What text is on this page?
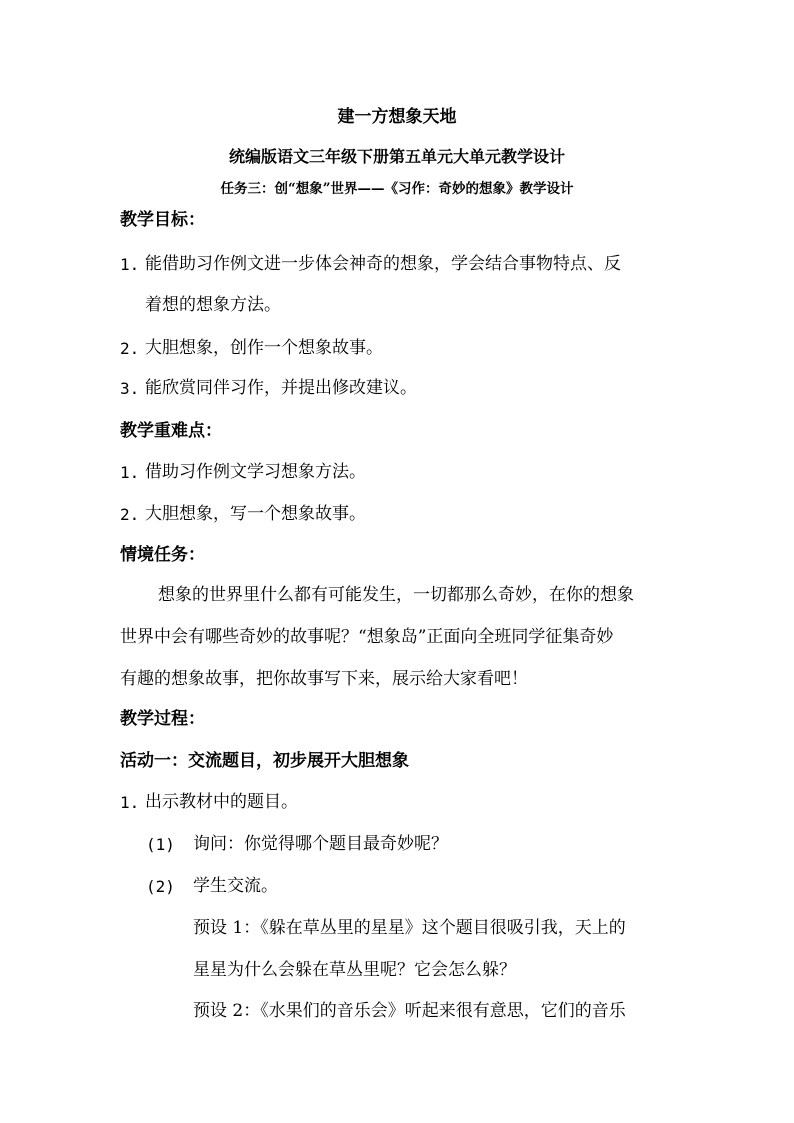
建一方想象天地
统编版语文三年级下册第五单元大单元教学设计
任务三：创“想象”世界——《习作：奇妙的想象》教学设计
教学目标：
1. 能借助习作例文进一步体会神奇的想象，学会结合事物特点、反
着想的想象方法。
2. 大胆想象，创作一个想象故事。
3. 能欣赏同伴习作，并提出修改建议。
教学重难点：
1. 借助习作例文学习想象方法。
2. 大胆想象，写一个想象故事。
情境任务：
想象的世界里什么都有可能发生，一切都那么奇妙，在你的想象
世界中会有哪些奇妙的故事呢？“想象岛”正面向全班同学征集奇妙
有趣的想象故事，把你故事写下来，展示给大家看吧！
教学过程：
活动一：交流题目，初步展开大胆想象
1. 出示教材中的题目。
(1) 询问：你觉得哪个题目最奇妙呢？
(2) 学生交流。
预设 1：《躲在草丛里的星星》这个题目很吸引我，天上的
星星为什么会躲在草丛里呢？它会怎么躲？
预设 2：《水果们的音乐会》听起来很有意思，它们的音乐
